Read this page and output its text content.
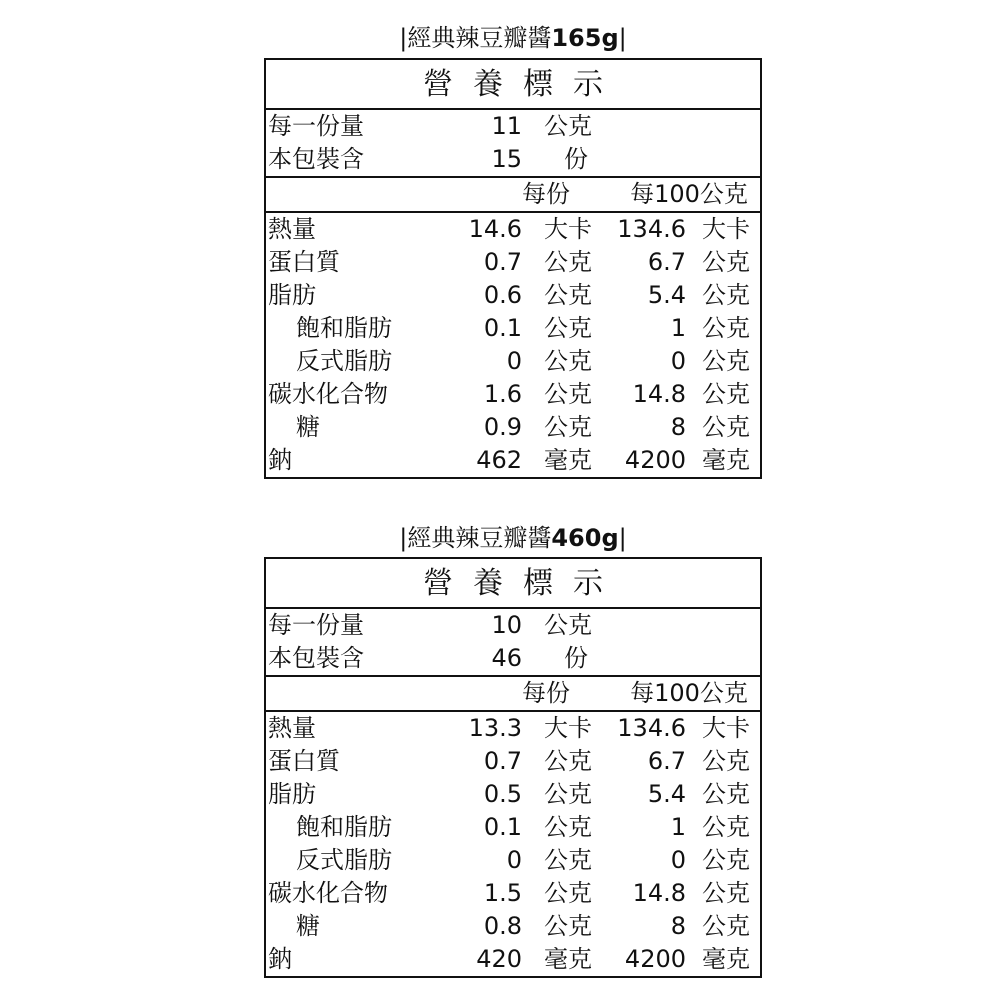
|經典辣豆瓣醬165g|
營養標示
每一份量	11 公克
本包裝含	15 份
每份	每100公克
熱量	14.6 大卡 134.6 大卡
蛋白質	0.7 公克 6.7 公克
脂肪	0.6 公克 5.4 公克
飽和脂肪	0.1 公克	1 公克
反式脂肪	0 公克	0 公克
碳水化合物	1.6 公克 14.8 公克
糖	0.9 公克	8 公克
鈉	462 毫克 4200 毫克
|經典辣豆瓣醬460g|
營養標示
每一份量	10 公克
本包裝含	46 份
每份	每100公克
熱量	13.3 大卡 134.6 大卡
蛋白質	0.7 公克 6.7 公克
脂肪	0.5 公克 5.4 公克
飽和脂肪	0.1 公克	1 公克
反式脂肪	0 公克	0 公克
碳水化合物	1.5 公克 14.8 公克
糖	0.8 公克	8 公克
鈉	420 毫克 4200 毫克
